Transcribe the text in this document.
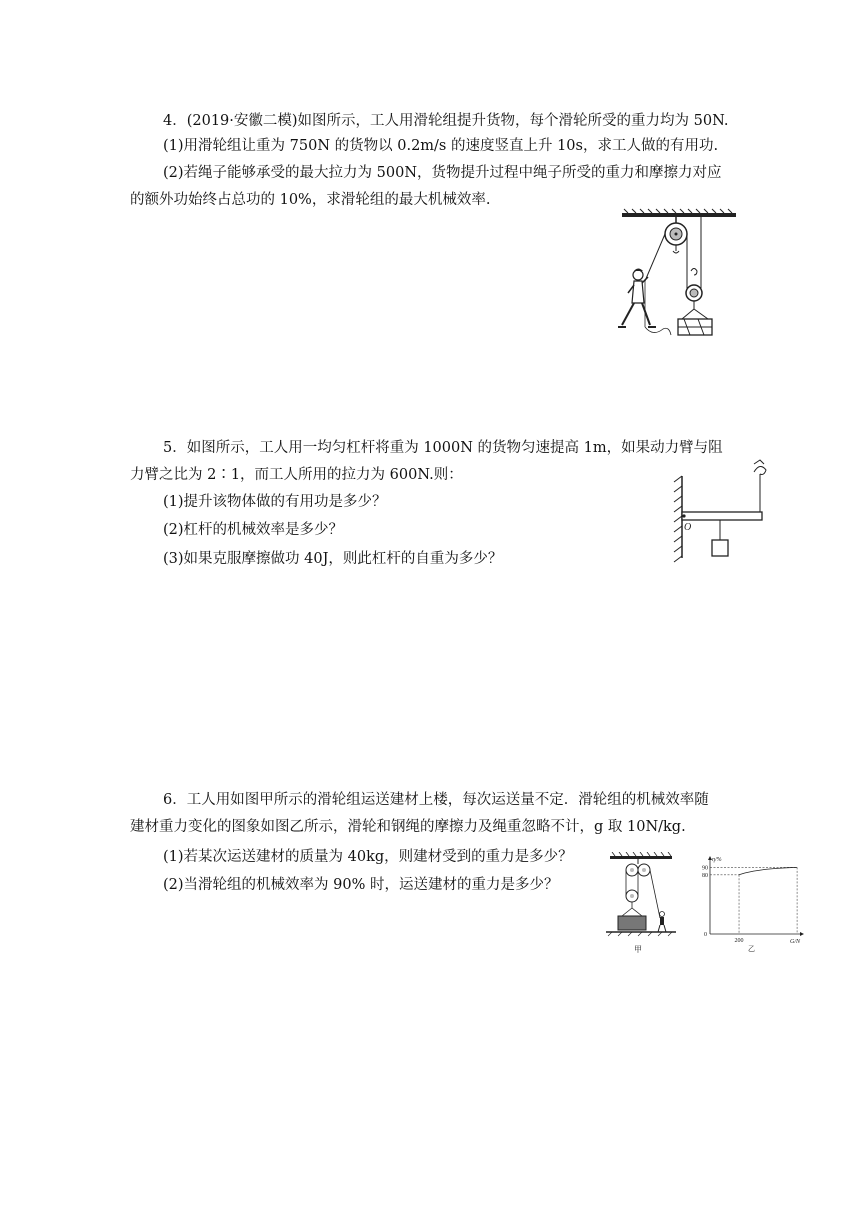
4．(2019·安徽二模)如图所示，工人用滑轮组提升货物，每个滑轮所受的重力均为 50N.
(1)用滑轮组让重为 750N 的货物以 0.2m/s 的速度竖直上升 10s，求工人做的有用功.
(2)若绳子能够承受的最大拉力为 500N，货物提升过程中绳子所受的重力和摩擦力对应
的额外功始终占总功的 10%，求滑轮组的最大机械效率.
5．如图所示，工人用一均匀杠杆将重为 1000N 的货物匀速提高 1m，如果动力臂与阻
力臂之比为 2∶1，而工人所用的拉力为 600N.则：
(1)提升该物体做的有用功是多少？
(2)杠杆的机械效率是多少？
(3)如果克服摩擦做功 40J，则此杠杆的自重为多少？
O
6．工人用如图甲所示的滑轮组运送建材上楼，每次运送量不定．滑轮组的机械效率随
建材重力变化的图象如图乙所示，滑轮和钢绳的摩擦力及绳重忽略不计，g 取 10N/kg.
(1)若某次运送建材的质量为 40kg，则建材受到的重力是多少？
(2)当滑轮组的机械效率为 90% 时，运送建材的重力是多少？
甲
η/%
G/N
80
90
0
200
乙
